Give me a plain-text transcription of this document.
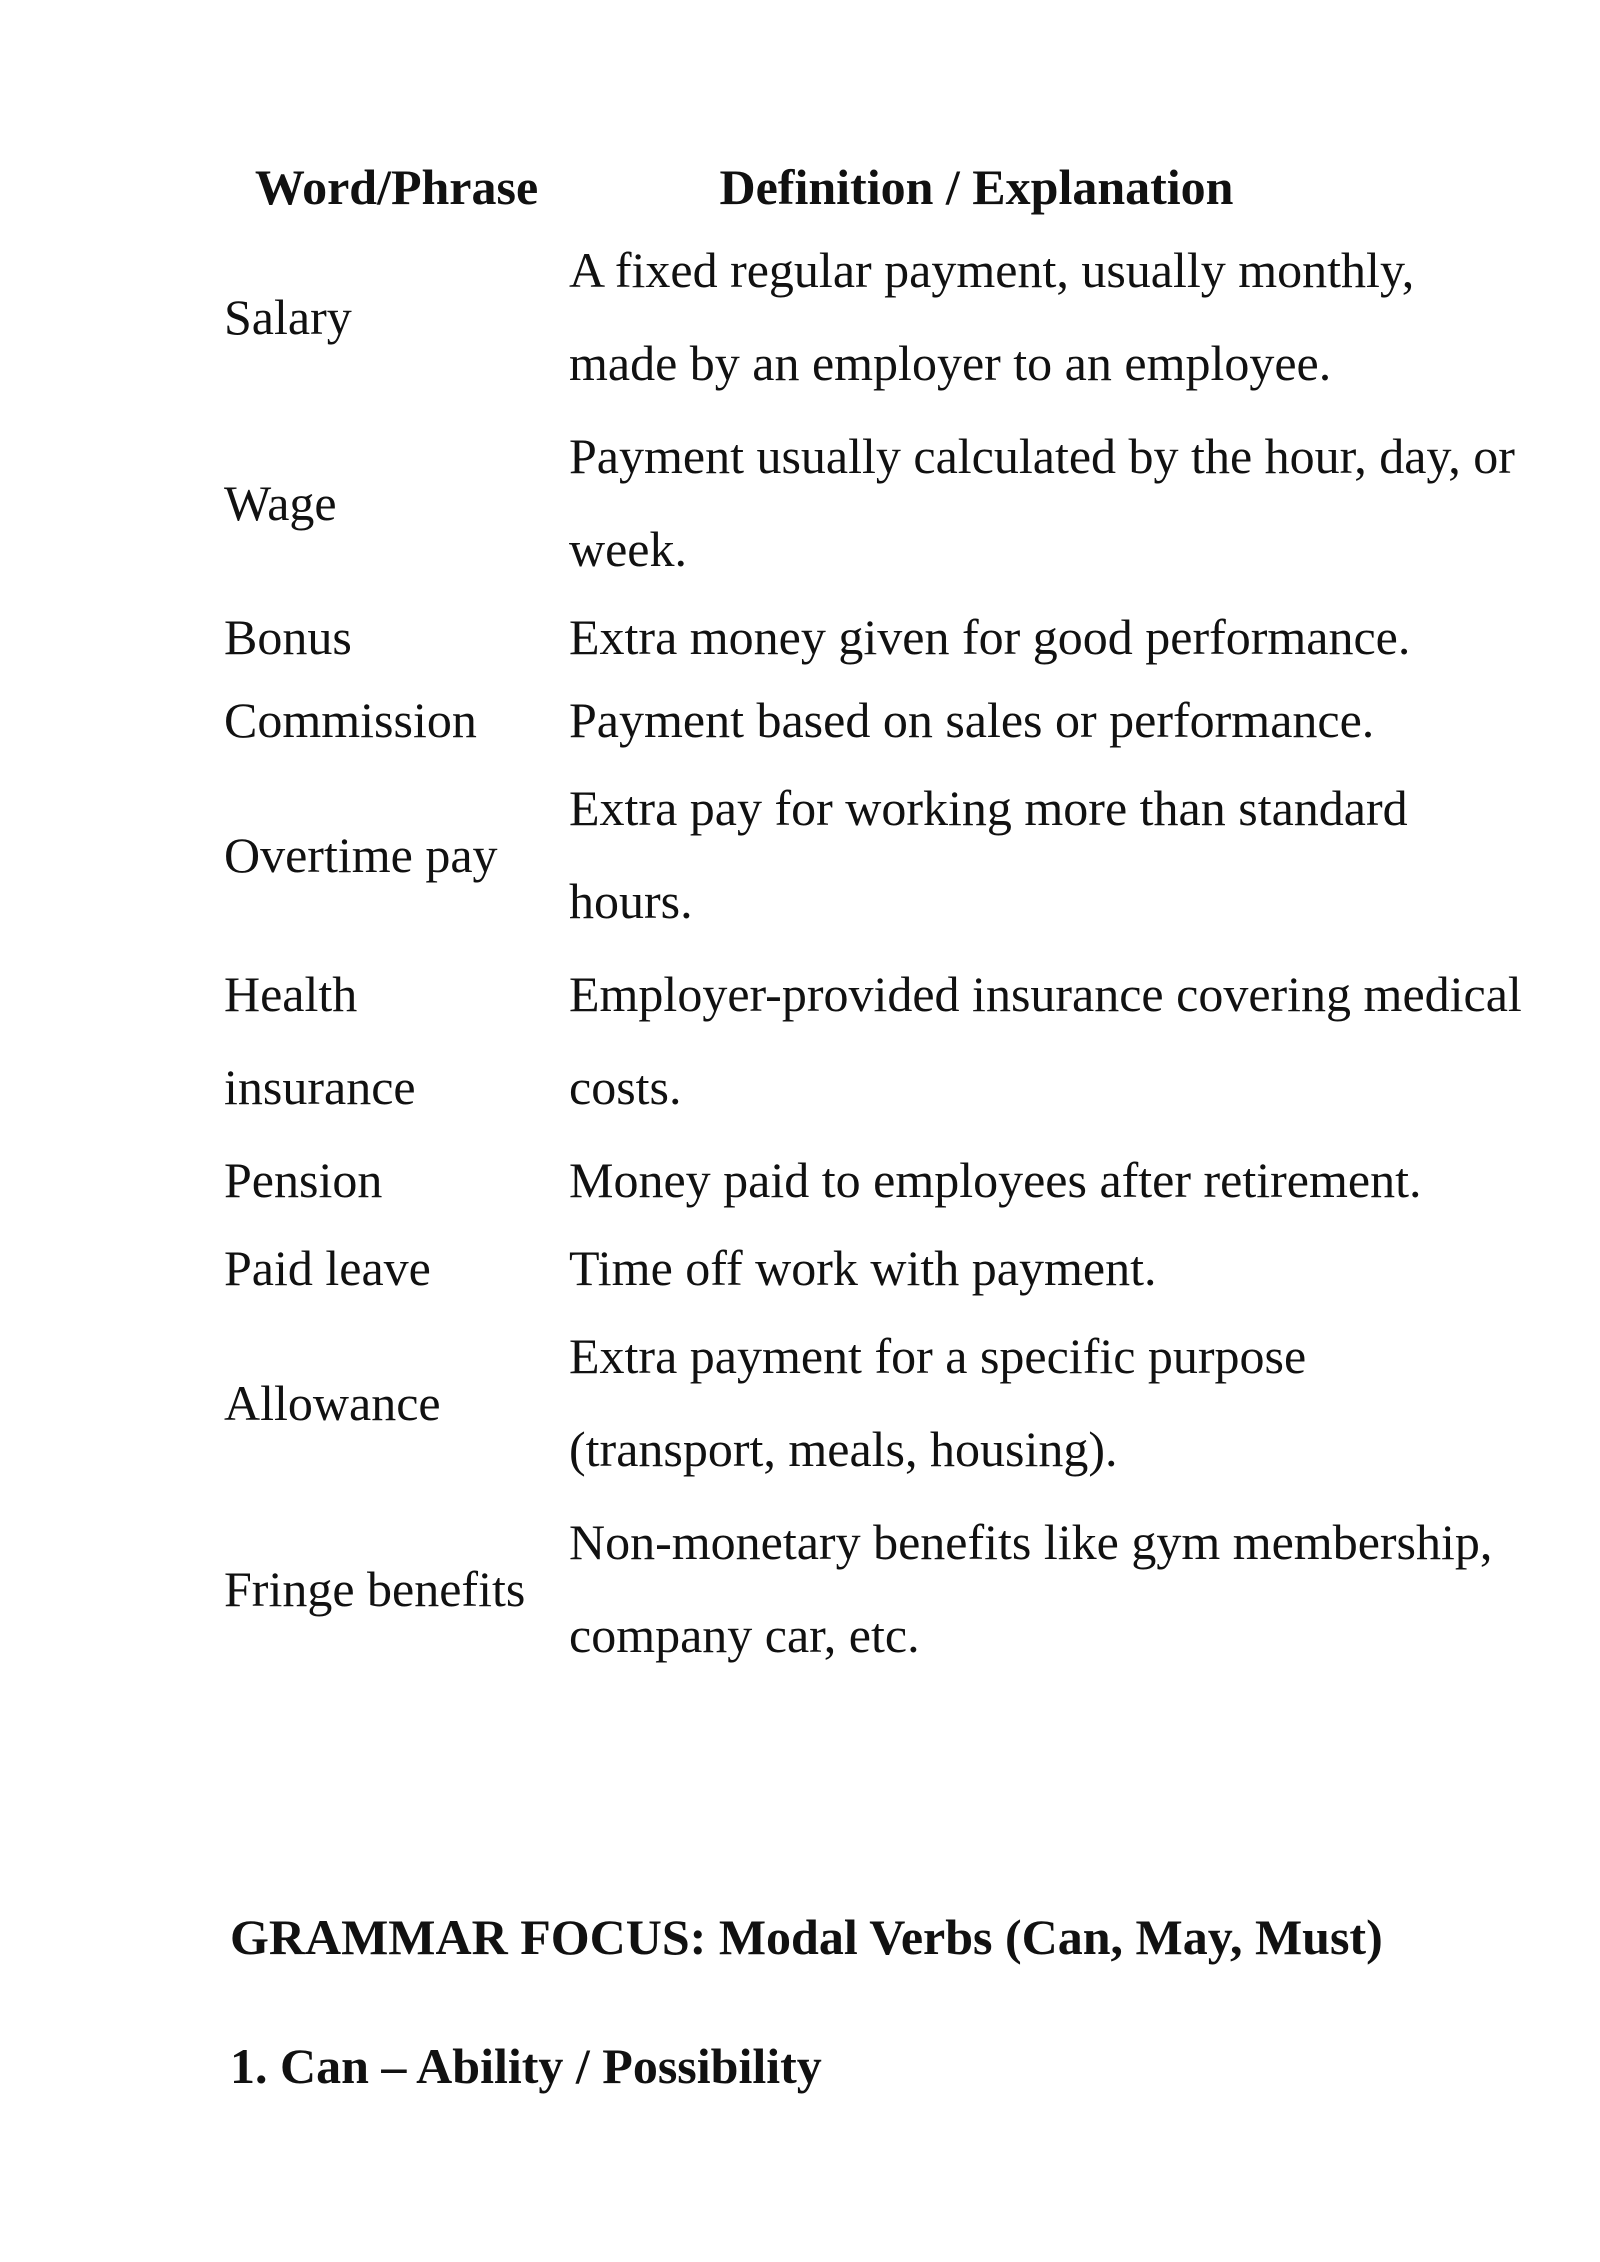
Word/Phrase	Definition / Explanation
Salary	A fixed regular payment, usually monthly, made by an employer to an employee.
Wage	Payment usually calculated by the hour, day, or week.
Bonus	Extra money given for good performance.
Commission	Payment based on sales or performance.
Overtime pay	Extra pay for working more than standard hours.
Health insurance	Employer-provided insurance covering medical costs.
Pension	Money paid to employees after retirement.
Paid leave	Time off work with payment.
Allowance	Extra payment for a specific purpose (transport, meals, housing).
Fringe benefits	Non-monetary benefits like gym membership, company car, etc.
GRAMMAR FOCUS: Modal Verbs (Can, May, Must)
1. Can – Ability / Possibility
